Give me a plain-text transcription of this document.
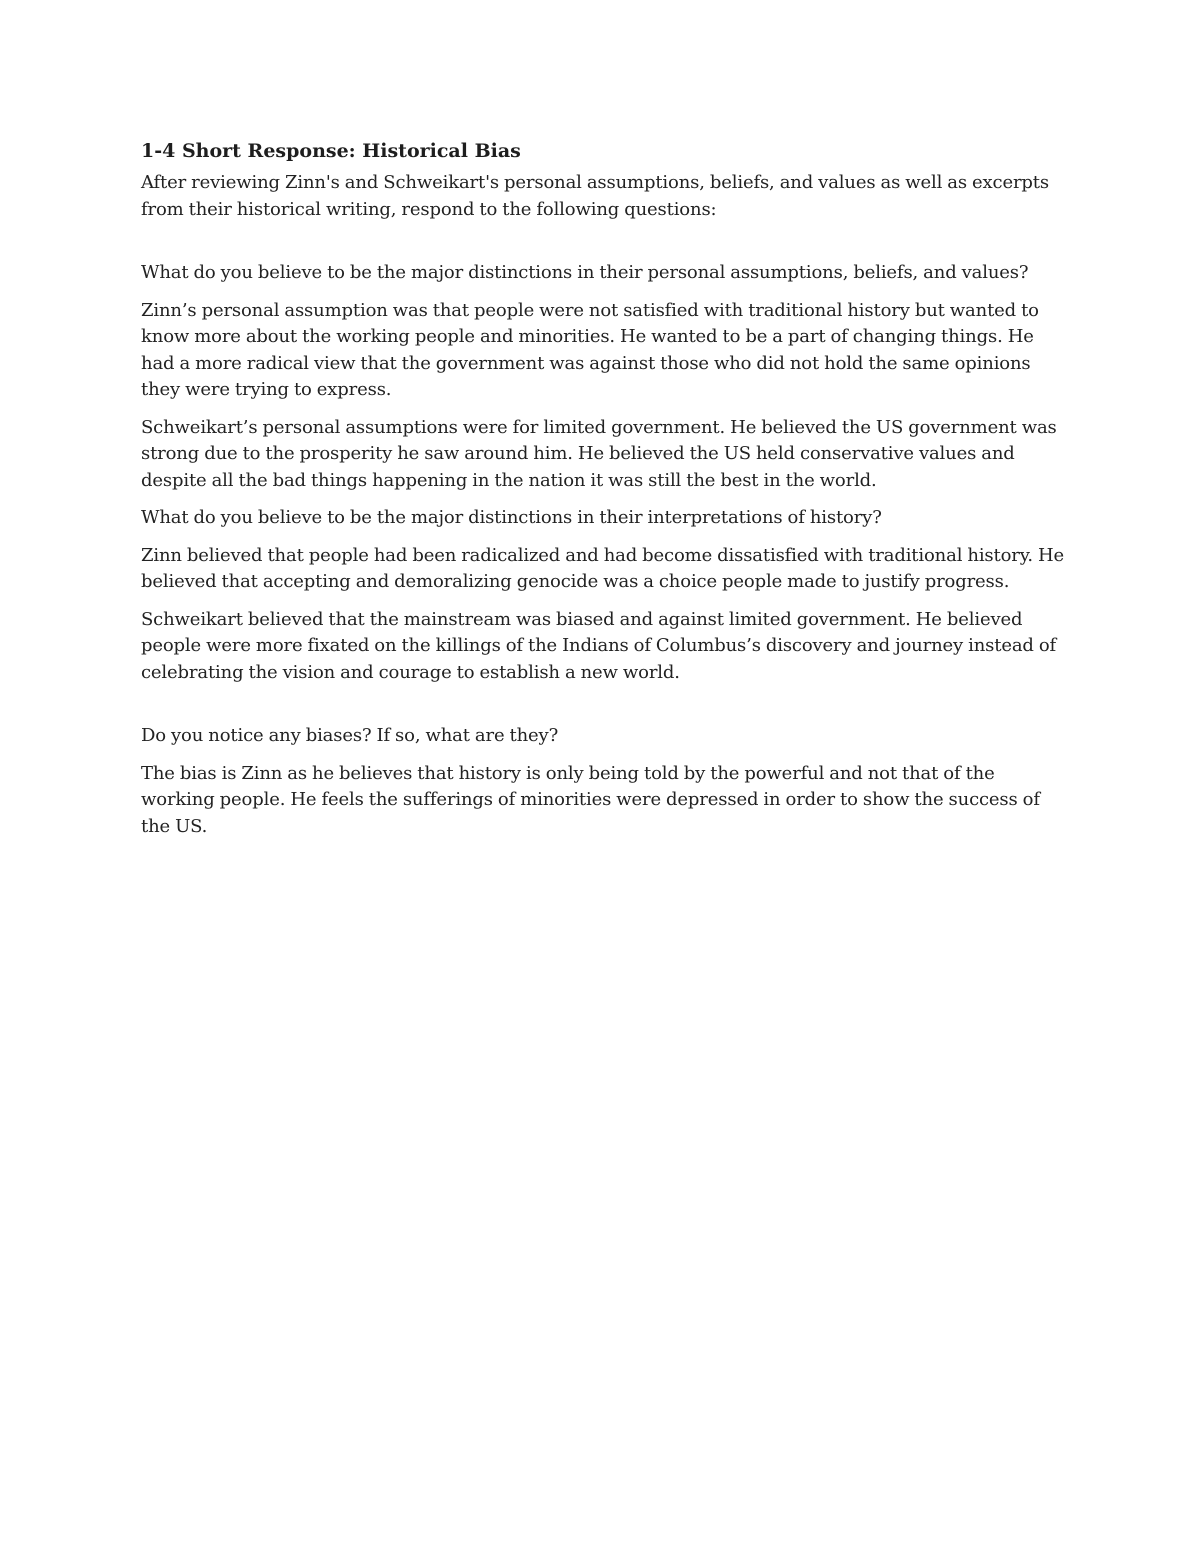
1-4 Short Response: Historical Bias

After reviewing Zinn's and Schweikart's personal assumptions, beliefs, and values as well as excerpts from their historical writing, respond to the following questions:

What do you believe to be the major distinctions in their personal assumptions, beliefs, and values?

Zinn’s personal assumption was that people were not satisfied with traditional history but wanted to know more about the working people and minorities. He wanted to be a part of changing things. He had a more radical view that the government was against those who did not hold the same opinions they were trying to express.

Schweikart’s personal assumptions were for limited government. He believed the US government was strong due to the prosperity he saw around him. He believed the US held conservative values and despite all the bad things happening in the nation it was still the best in the world.

What do you believe to be the major distinctions in their interpretations of history?

Zinn believed that people had been radicalized and had become dissatisfied with traditional history. He believed that accepting and demoralizing genocide was a choice people made to justify progress.

Schweikart believed that the mainstream was biased and against limited government. He believed people were more fixated on the killings of the Indians of Columbus’s discovery and journey instead of celebrating the vision and courage to establish a new world.

Do you notice any biases? If so, what are they?

The bias is Zinn as he believes that history is only being told by the powerful and not that of the working people. He feels the sufferings of minorities were depressed in order to show the success of the US.
